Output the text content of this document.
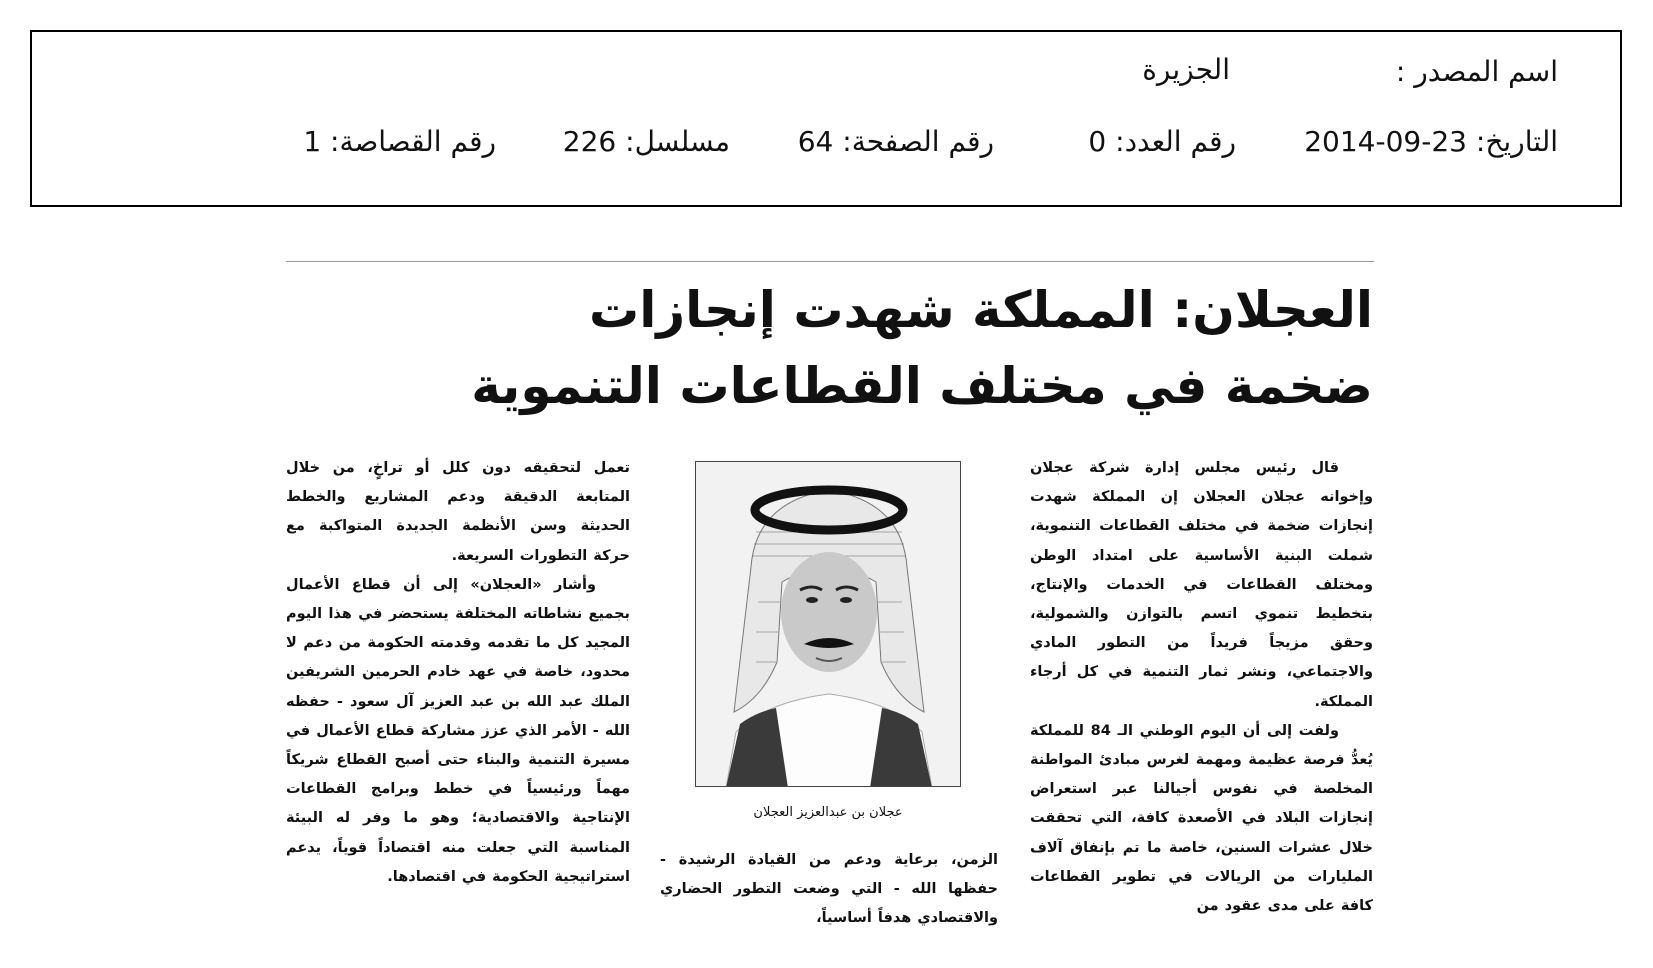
اسم المصدر :
الجزيرة
التاريخ: 23-09-2014
رقم العدد: 0
رقم الصفحة: 64
مسلسل: 226
رقم القصاصة: 1
العجلان: المملكة شهدت إنجازات
ضخمة في مختلف القطاعات التنموية

قال رئيس مجلس إدارة شركة عجلان وإخوانه عجلان العجلان إن المملكة شهدت إنجازات ضخمة في مختلف القطاعات التنموية، شملت البنية الأساسية على امتداد الوطن ومختلف القطاعات في الخدمات والإنتاج، بتخطيط تنموي اتسم بالتوازن والشمولية، وحقق مزيجاً فريداً من التطور المادي والاجتماعي، ونشر ثمار التنمية في كل أرجاء المملكة.

ولفت إلى أن اليوم الوطني الـ 84 للمملكة يُعدُّ فرصة عظيمة ومهمة لغرس مبادئ المواطنة المخلصة في نفوس أجيالنا عبر استعراض إنجازات البلاد في الأصعدة كافة، التي تحققت خلال عشرات السنين، خاصة ما تم بإنفاق آلاف المليارات من الريالات في تطوير القطاعات كافة على مدى عقود من

عجلان بن عبدالعزيز العجلان

الزمن، برعاية ودعم من القيادة الرشيدة - حفظها الله - التي وضعت التطور الحضاري والاقتصادي هدفاً أساسياً،

تعمل لتحقيقه دون كلل أو تراخٍ، من خلال المتابعة الدقيقة ودعم المشاريع والخطط الحديثة وسن الأنظمة الجديدة المتواكبة مع حركة التطورات السريعة.

وأشار «العجلان» إلى أن قطاع الأعمال بجميع نشاطاته المختلفة يستحضر في هذا اليوم المجيد كل ما تقدمه وقدمته الحكومة من دعم لا محدود، خاصة في عهد خادم الحرمين الشريفين الملك عبد الله بن عبد العزيز آل سعود - حفظه الله - الأمر الذي عزز مشاركة قطاع الأعمال في مسيرة التنمية والبناء حتى أصبح القطاع شريكاً مهماً ورئيسياً في خطط وبرامج القطاعات الإنتاجية والاقتصادية؛ وهو ما وفر له البيئة المناسبة التي جعلت منه اقتصاداً قوياً، يدعم استراتيجية الحكومة في اقتصادها.
